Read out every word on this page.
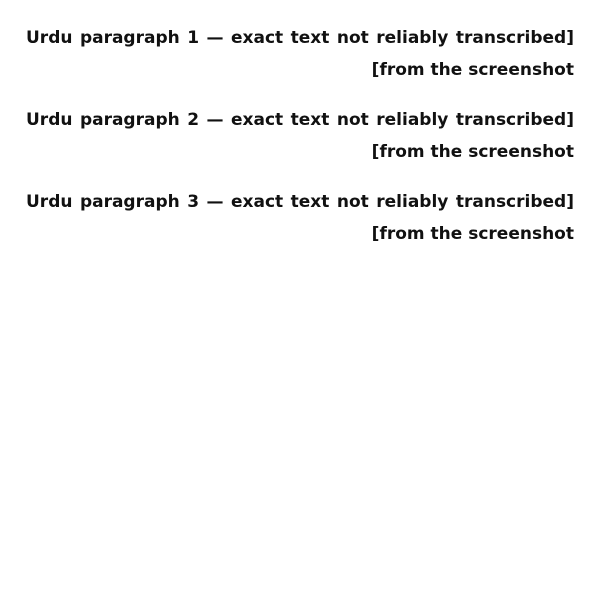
[Urdu paragraph 1 — exact text not reliably transcribed from the screenshot]

[Urdu paragraph 2 — exact text not reliably transcribed from the screenshot]

[Urdu paragraph 3 — exact text not reliably transcribed from the screenshot]
